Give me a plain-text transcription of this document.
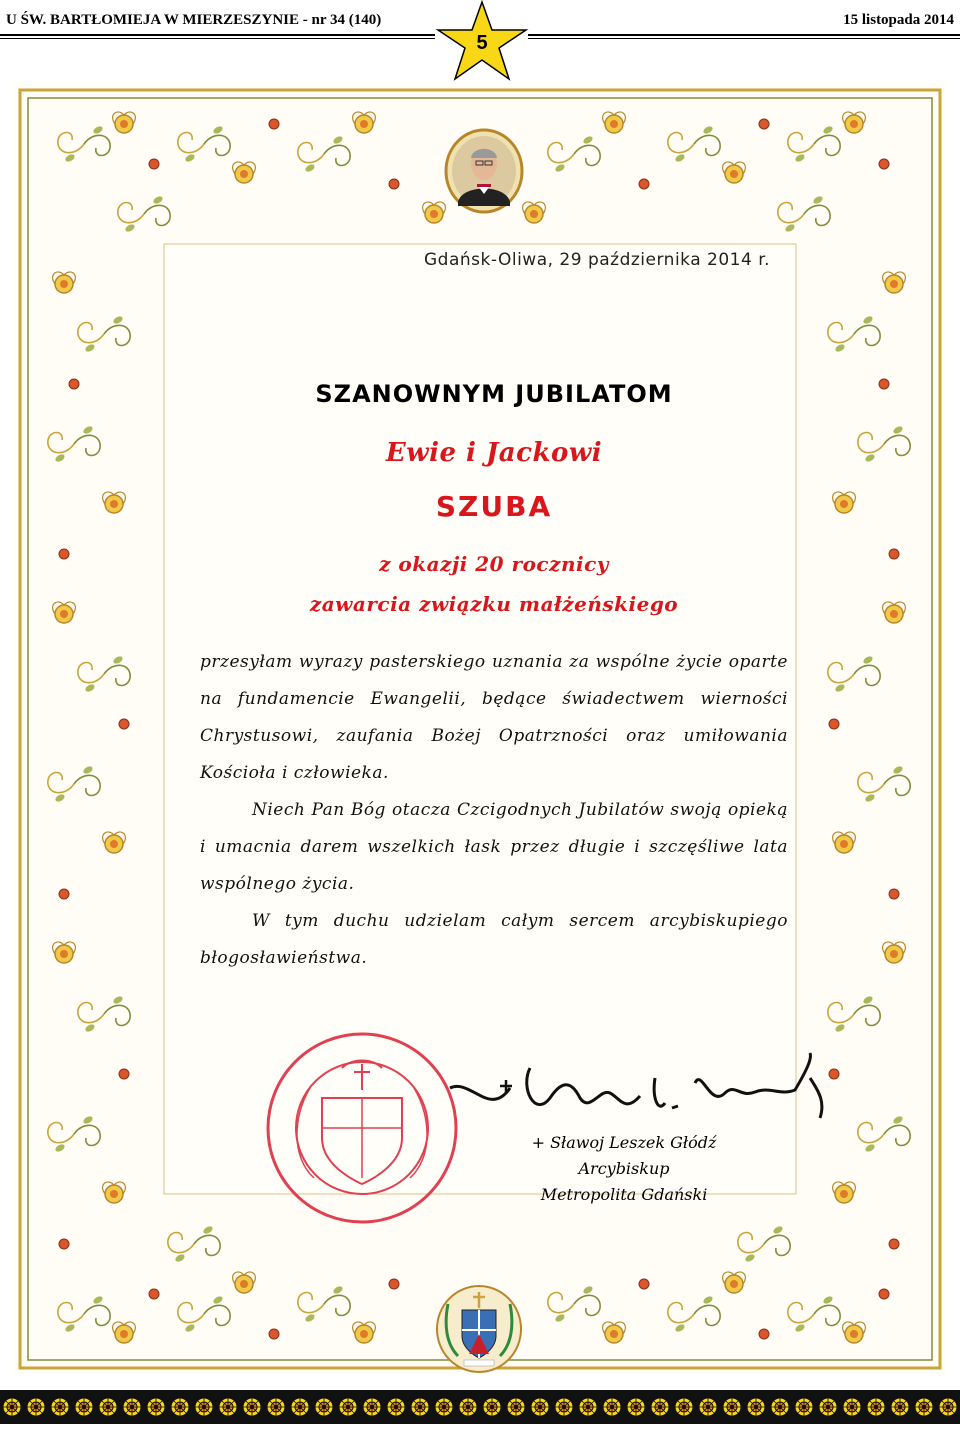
U ŚW. BARTŁOMIEJA W MIERZESZYNIE - nr 34 (140)
5
15 listopada 2014
Gdańsk-Oliwa, 29 października 2014 r.
SZANOWNYM JUBILATOM
Ewie i Jackowi
SZUBA
z okazji 20 rocznicy
zawarcia związku małżeńskiego

przesyłam wyrazy pasterskiego uznania za wspólne życie oparte na fundamencie Ewangelii, będące świadectwem wierności Chrystusowi, zaufania Bożej Opatrzności oraz umiłowania Kościoła i człowieka.

Niech Pan Bóg otacza Czcigodnych Jubilatów swoją opieką i umacnia darem wszelkich łask przez długie i szczęśliwe lata wspólnego życia.

W tym duchu udzielam całym sercem arcybiskupiego błogosławieństwa.

+ Sławoj Leszek Głódź
Arcybiskup
Metropolita Gdański
